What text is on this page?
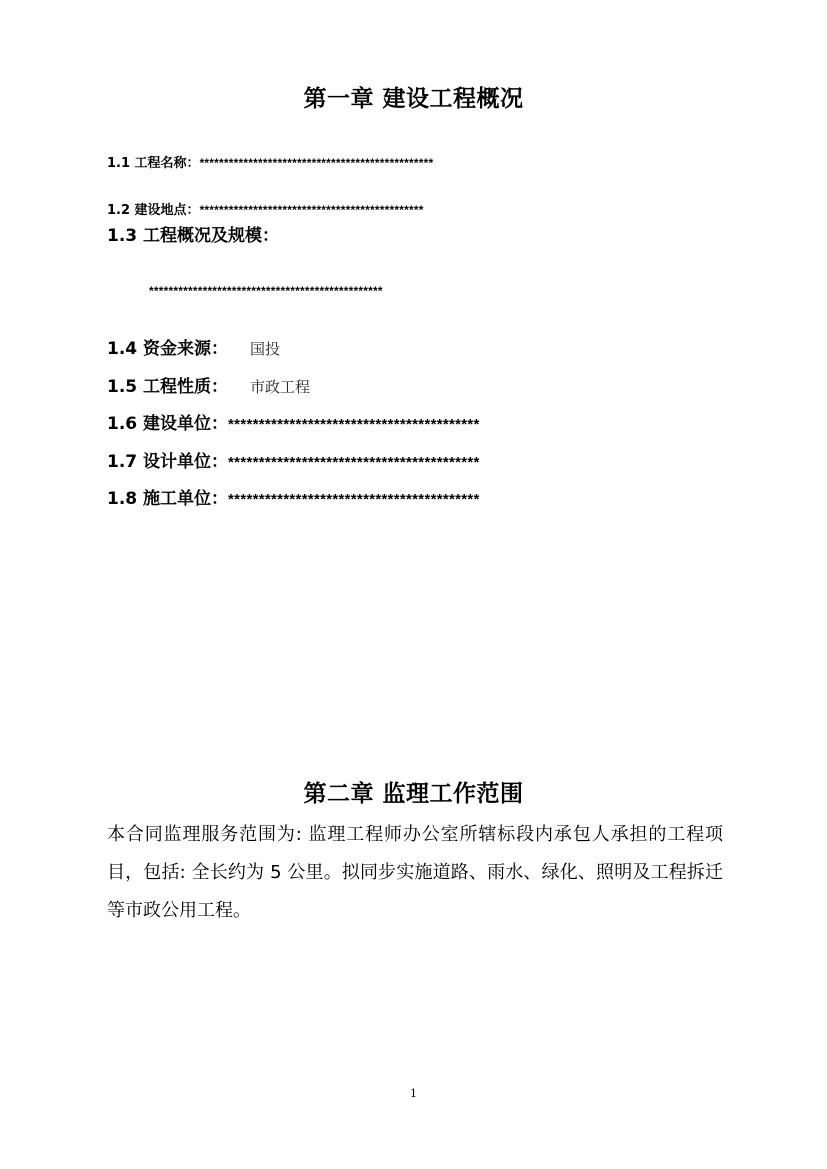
第一章 建设工程概况
1.1 工程名称：************************************************
1.2 建设地点：**********************************************
1.3 工程概况及规模：
************************************************
1.4 资金来源： 国投
1.5 工程性质： 市政工程
1.6 建设单位：*****************************************
1.7 设计单位：*****************************************
1.8 施工单位：*****************************************
第二章 监理工作范围
本合同监理服务范围为: 监理工程师办公室所辖标段内承包人承担的工程项目，包括: 全长约为 5 公里。拟同步实施道路、雨水、绿化、照明及工程拆迁等市政公用工程。
1
